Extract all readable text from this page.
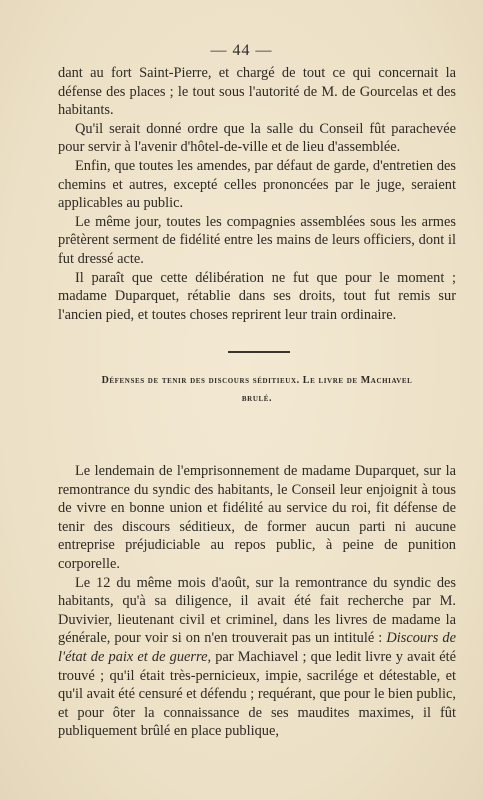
— 44 —

dant au fort Saint-Pierre, et chargé de tout ce qui concernait la défense des places ; le tout sous l'autorité de M. de Gourcelas et des habitants.

Qu'il serait donné ordre que la salle du Conseil fût parachevée pour servir à l'avenir d'hôtel-de-ville et de lieu d'assemblée.

Enfin, que toutes les amendes, par défaut de garde, d'entretien des chemins et autres, excepté celles prononcées par le juge, seraient applicables au public.

Le même jour, toutes les compagnies assemblées sous les armes prêtèrent serment de fidélité entre les mains de leurs officiers, dont il fut dressé acte.

Il paraît que cette délibération ne fut que pour le moment ; madame Duparquet, rétablie dans ses droits, tout fut remis sur l'ancien pied, et toutes choses reprirent leur train ordinaire.

Défenses de tenir des discours séditieux. Le livre de Machiavel
brulé.

Le lendemain de l'emprisonnement de madame Duparquet, sur la remontrance du syndic des habitants, le Conseil leur enjoignit à tous de vivre en bonne union et fidélité au service du roi, fit défense de tenir des discours séditieux, de former aucun parti ni aucune entreprise préjudiciable au repos public, à peine de punition corporelle.

Le 12 du même mois d'août, sur la remontrance du syndic des habitants, qu'à sa diligence, il avait été fait recherche par M. Duvivier, lieutenant civil et criminel, dans les livres de madame la générale, pour voir si on n'en trouverait pas un intitulé : Discours de l'état de paix et de guerre, par Machiavel ; que ledit livre y avait été trouvé ; qu'il était très-pernicieux, impie, sacrilége et détestable, et qu'il avait été censuré et défendu ; requérant, que pour le bien public, et pour ôter la connaissance de ses maudites maximes, il fût publiquement brûlé en place publique,
